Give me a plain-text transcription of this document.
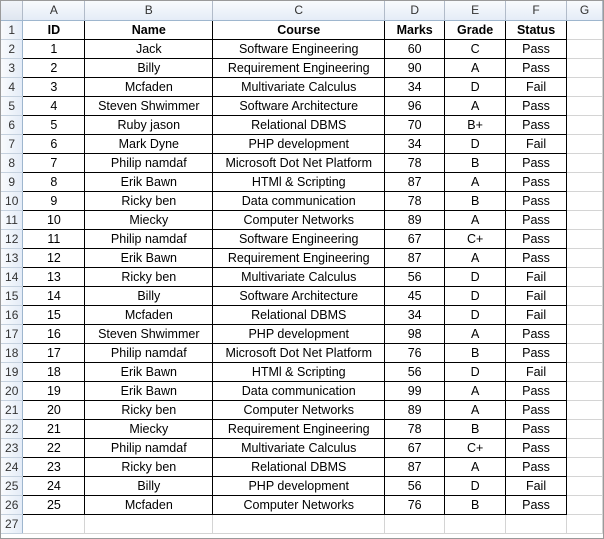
	A	B	C	D	E	F	G
1	ID	Name	Course	Marks	Grade	Status	
2	1	Jack	Software Engineering	60	C	Pass	
3	2	Billy	Requirement Engineering	90	A	Pass	
4	3	Mcfaden	Multivariate Calculus	34	D	Fail	
5	4	Steven Shwimmer	Software Architecture	96	A	Pass	
6	5	Ruby jason	Relational DBMS	70	B+	Pass	
7	6	Mark Dyne	PHP development	34	D	Fail	
8	7	Philip namdaf	Microsoft Dot Net Platform	78	B	Pass	
9	8	Erik Bawn	HTMl & Scripting	87	A	Pass	
10	9	Ricky ben	Data communication	78	B	Pass	
11	10	Miecky	Computer Networks	89	A	Pass	
12	11	Philip namdaf	Software Engineering	67	C+	Pass	
13	12	Erik Bawn	Requirement Engineering	87	A	Pass	
14	13	Ricky ben	Multivariate Calculus	56	D	Fail	
15	14	Billy	Software Architecture	45	D	Fail	
16	15	Mcfaden	Relational DBMS	34	D	Fail	
17	16	Steven Shwimmer	PHP development	98	A	Pass	
18	17	Philip namdaf	Microsoft Dot Net Platform	76	B	Pass	
19	18	Erik Bawn	HTMl & Scripting	56	D	Fail	
20	19	Erik Bawn	Data communication	99	A	Pass	
21	20	Ricky ben	Computer Networks	89	A	Pass	
22	21	Miecky	Requirement Engineering	78	B	Pass	
23	22	Philip namdaf	Multivariate Calculus	67	C+	Pass	
24	23	Ricky ben	Relational DBMS	87	A	Pass	
25	24	Billy	PHP development	56	D	Fail	
26	25	Mcfaden	Computer Networks	76	B	Pass	
27							
